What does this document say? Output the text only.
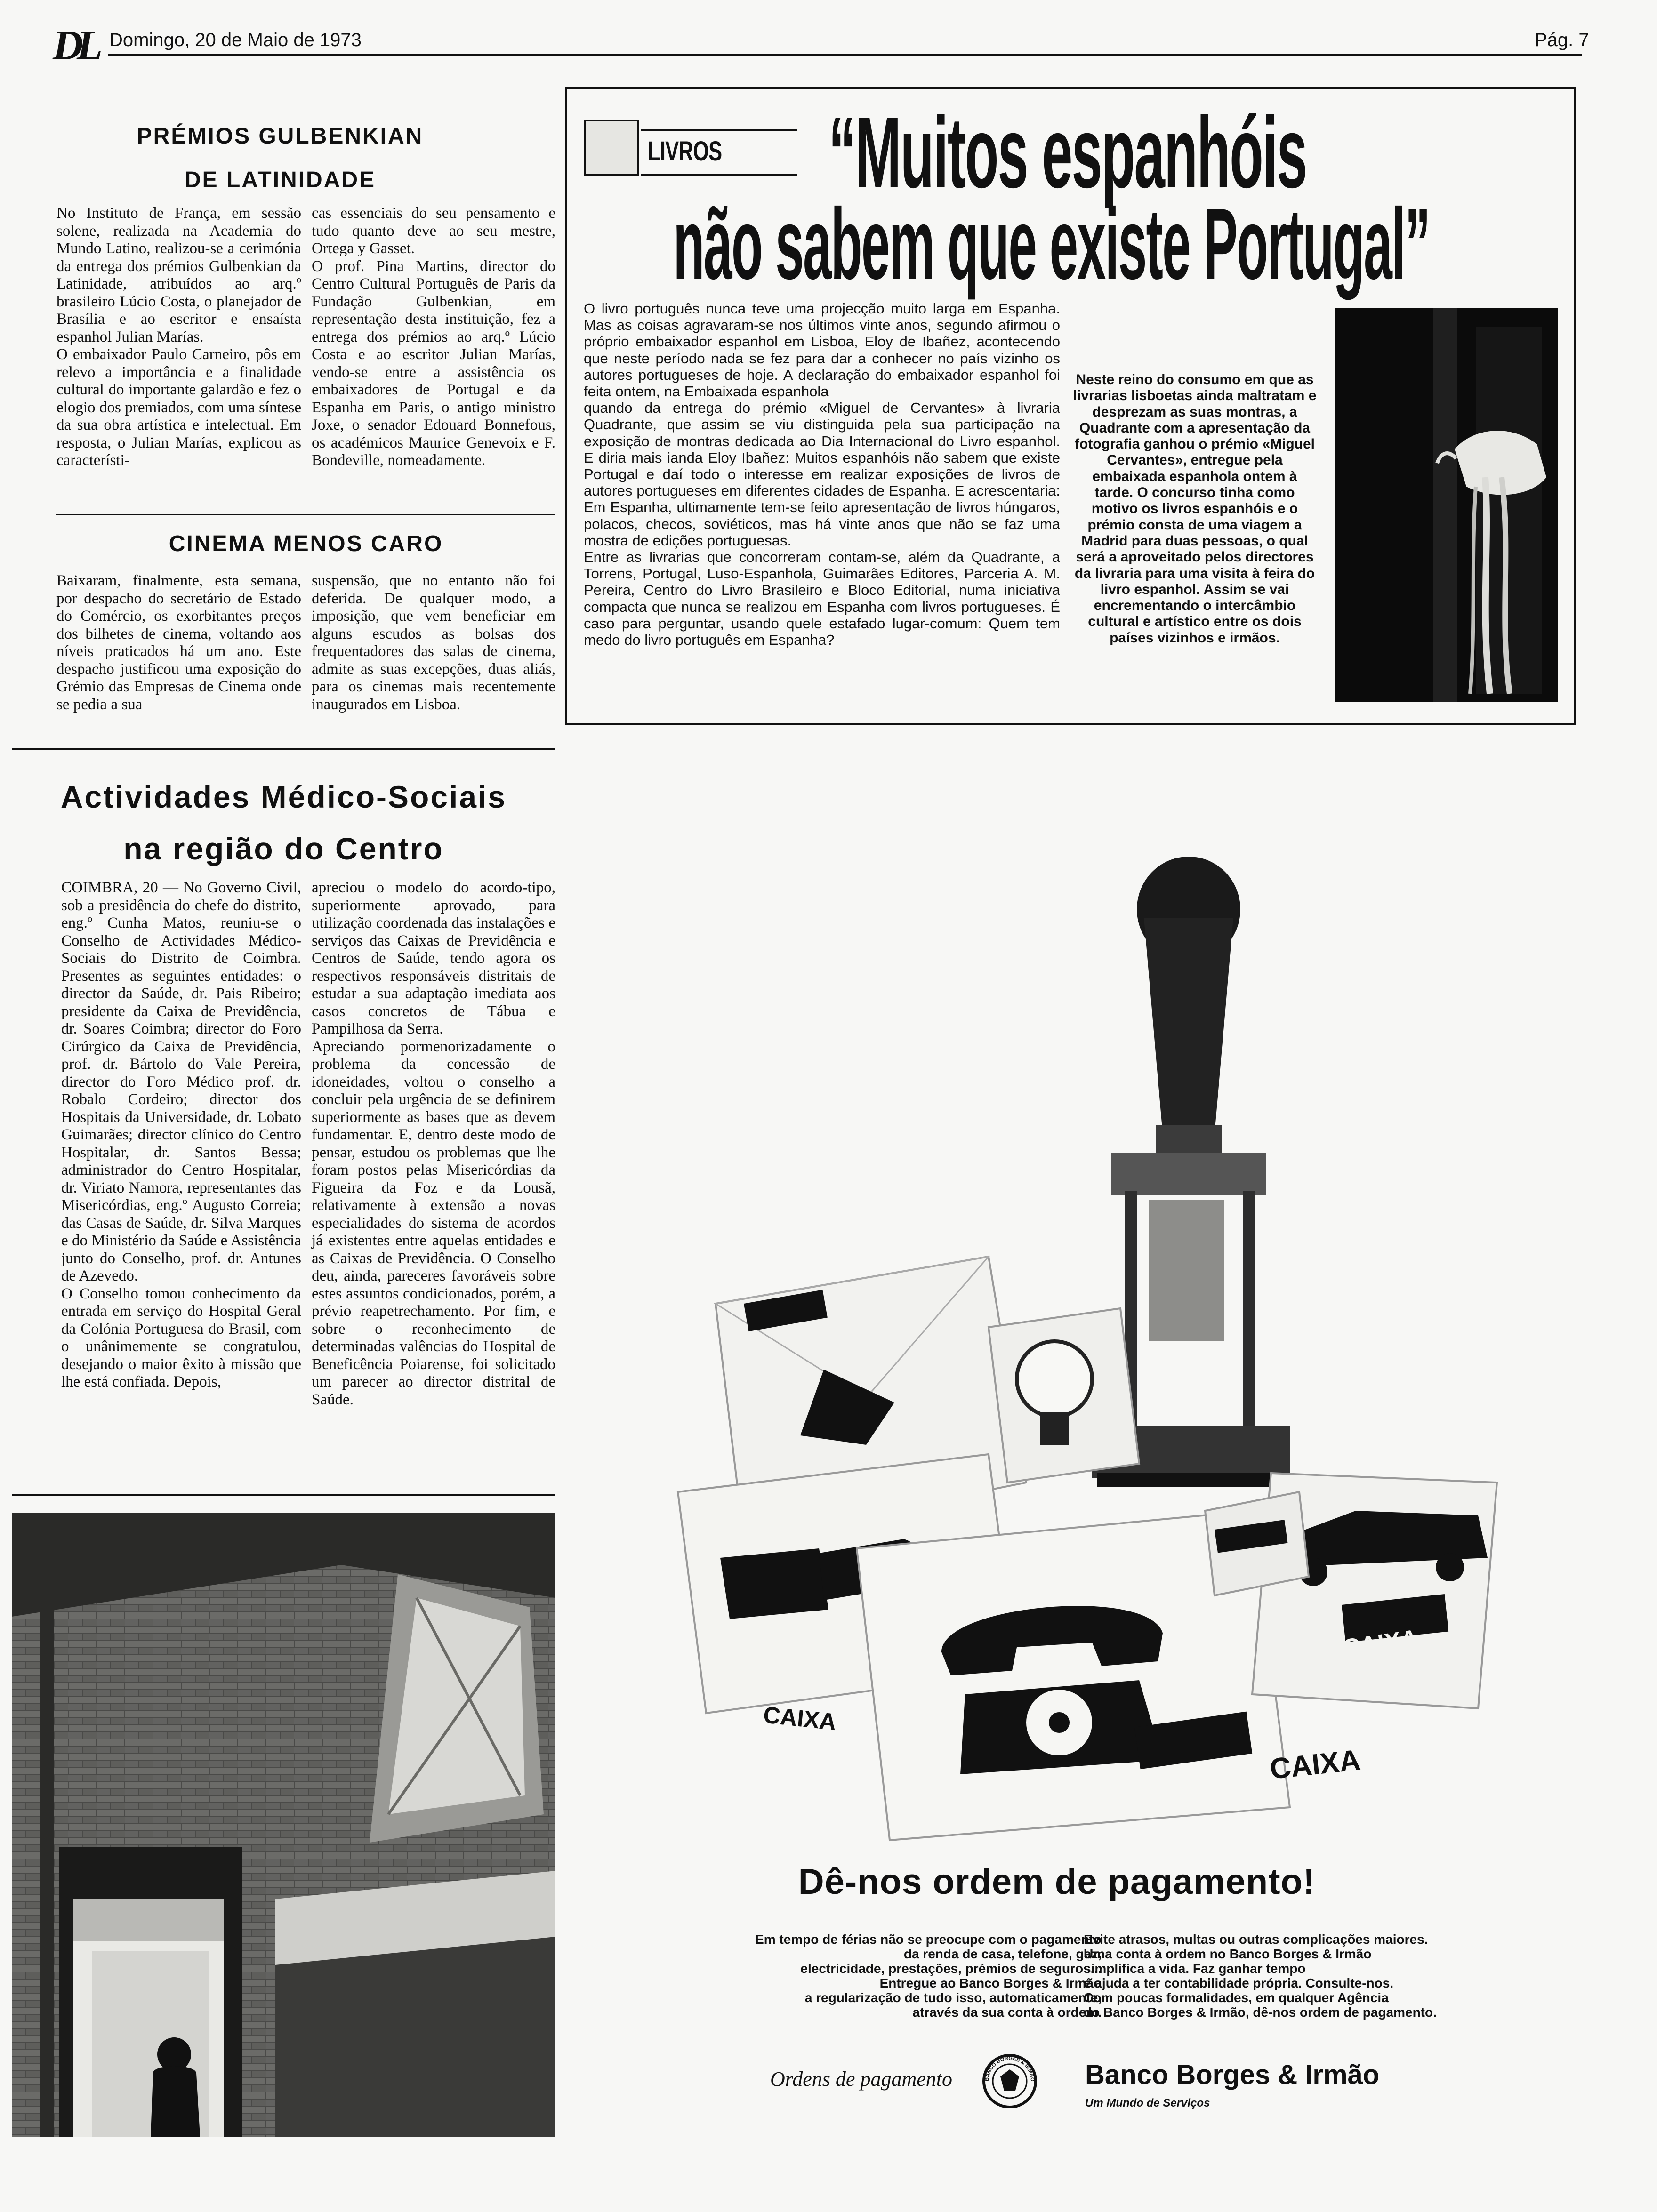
DL Domingo, 20 de Maio de 1973	Pág. 7
PRÉMIOS GULBENKIAN
DE LATINIDADE
No Instituto de França, em sessão solene, realizada na Academia do Mundo Latino, realizou-se a cerimónia da entrega dos prémios Gulbenkian da Latinidade, atribuídos ao arq.º brasileiro Lúcio Costa, o planejador de Brasília e ao escritor e ensaísta espanhol Julian Marías.
O embaixador Paulo Carneiro, pôs em relevo a importância e a finalidade cultural do importante galardão e fez o elogio dos premiados, com uma síntese da sua obra artística e intelectual. Em resposta, o Julian Marías, explicou as característi-
cas essenciais do seu pensamento e tudo quanto deve ao seu mestre, Ortega y Gasset.
O prof. Pina Martins, director do Centro Cultural Português de Paris da Fundação Gulbenkian, em representação desta instituição, fez a entrega dos prémios ao arq.º Lúcio Costa e ao escritor Julian Marías, vendo-se entre a assistência os embaixadores de Portugal e da Espanha em Paris, o antigo ministro Joxe, o senador Edouard Bonnefous, os académicos Maurice Genevoix e F. Bondeville, nomeadamente.
CINEMA MENOS CARO
Baixaram, finalmente, esta semana, por despacho do secretário de Estado do Comércio, os exorbitantes preços dos bilhetes de cinema, voltando aos níveis praticados há um ano. Este despacho justificou uma exposição do Grémio das Empresas de Cinema onde se pedia a sua
suspensão, que no entanto não foi deferida. De qualquer modo, a imposição, que vem beneficiar em alguns escudos as bolsas dos frequentadores das salas de cinema, admite as suas excepções, duas aliás, para os cinemas mais recentemente inaugurados em Lisboa.
LIVROS “Muitos espanhóis
não sabem que existe Portugal”
O livro português nunca teve uma projecção muito larga em Espanha. Mas as coisas agravaram-se nos últimos vinte anos, segundo afirmou o próprio embaixador espanhol em Lisboa, Eloy de Ibañez, acontecendo que neste período nada se fez para dar a conhecer no país vizinho os autores portugueses de hoje. A declaração do embaixador espanhol foi feita ontem, na Embaixada espanhola
quando da entrega do prémio «Miguel de Cervantes» à livraria Quadrante, que assim se viu distinguida pela sua participação na exposição de montras dedicada ao Dia Internacional do Livro espanhol. E diria mais ianda Eloy Ibañez: Muitos espanhóis não sabem que existe Portugal e daí todo o interesse em realizar exposições de livros de autores portugueses em diferentes cidades de Espanha. E acrescentaria: Em Espanha, ultimamente tem-se feito apresentação de livros húngaros, polacos, checos, soviéticos, mas há vinte anos que não se faz uma mostra de edições portuguesas.
Entre as livrarias que concorreram contam-se, além da Quadrante, a Torrens, Portugal, Luso-Espanhola, Guimarães Editores, Parceria A. M. Pereira, Centro do Livro Brasileiro e Bloco Editorial, numa iniciativa compacta que nunca se realizou em Espanha com livros portugueses. É caso para perguntar, usando quele estafado lugar-comum: Quem tem medo do livro português em Espanha?
Neste reino do consumo em que as livrarias lisboetas ainda maltratam e desprezam as suas montras, a Quadrante com a apresentação da fotografia ganhou o prémio «Miguel Cervantes», entregue pela embaixada espanhola ontem à tarde. O concurso tinha como motivo os livros espanhóis e o prémio consta de uma viagem a Madrid para duas pessoas, o qual será a aproveitado pelos directores da livraria para uma visita à feira do livro espanhol. Assim se vai encrementando o intercâmbio cultural e artístico entre os dois países vizinhos e irmãos.
Actividades Médico-Sociais
na região do Centro
COIMBRA, 20 — No Governo Civil, sob a presidência do chefe do distrito, eng.º Cunha Matos, reuniu-se o Conselho de Actividades Médico-Sociais do Distrito de Coimbra. Presentes as seguintes entidades: o director da Saúde, dr. Pais Ribeiro; presidente da Caixa de Previdência, dr. Soares Coimbra; director do Foro Cirúrgico da Caixa de Previdência, prof. dr. Bártolo do Vale Pereira, director do Foro Médico prof. dr. Robalo Cordeiro; director dos Hospitais da Universidade, dr. Lobato Guimarães; director clínico do Centro Hospitalar, dr. Santos Bessa; administrador do Centro Hospitalar, dr. Viriato Namora, representantes das Misericórdias, eng.º Augusto Correia; das Casas de Saúde, dr. Silva Marques e do Ministério da Saúde e Assistência junto do Conselho, prof. dr. Antunes de Azevedo.
O Conselho tomou conhecimento da entrada em serviço do Hospital Geral da Colónia Portuguesa do Brasil, com o unânimemente se congratulou, desejando o maior êxito à missão que lhe está confiada. Depois,
apreciou o modelo do acordo-tipo, superiormente aprovado, para utilização coordenada das instalações e serviços das Caixas de Previdência e Centros de Saúde, tendo agora os respectivos responsáveis distritais de estudar a sua adaptação imediata aos casos concretos de Tábua e Pampilhosa da Serra.
Apreciando pormenorizadamente o problema da concessão de idoneidades, voltou o conselho a concluir pela urgência de se definirem superiormente as bases que as devem fundamentar. E, dentro deste modo de pensar, estudou os problemas que lhe foram postos pelas Misericórdias da Figueira da Foz e da Lousã, relativamente à extensão a novas especialidades do sistema de acordos já existentes entre aquelas entidades e as Caixas de Previdência. O Conselho deu, ainda, pareceres favoráveis sobre estes assuntos condicionados, porém, a prévio reapetrechamento. Por fim, e sobre o reconhecimento de determinadas valências do Hospital de Beneficência Poiarense, foi solicitado um parecer ao director distrital de Saúde.
CAIXA
CAIXA
CAIXA
Dê-nos ordem de pagamento!
Em tempo de férias não se preocupe com o pagamento
da renda de casa, telefone, gaz,
electricidade, prestações, prémios de seguros...
Entregue ao Banco Borges & Irmão
a regularização de tudo isso, automaticamente,
através da sua conta à ordem.
Evite atrasos, multas ou outras complicações maiores.
Uma conta à ordem no Banco Borges & Irmão
simplifica a vida. Faz ganhar tempo
e ajuda a ter contabilidade própria. Consulte-nos.
Com poucas formalidades, em qualquer Agência
do Banco Borges & Irmão, dê-nos ordem de pagamento.
Ordens de pagamento	BANCO BORGES & IRMÃO Banco Borges & Irmão
Um Mundo de Serviços
